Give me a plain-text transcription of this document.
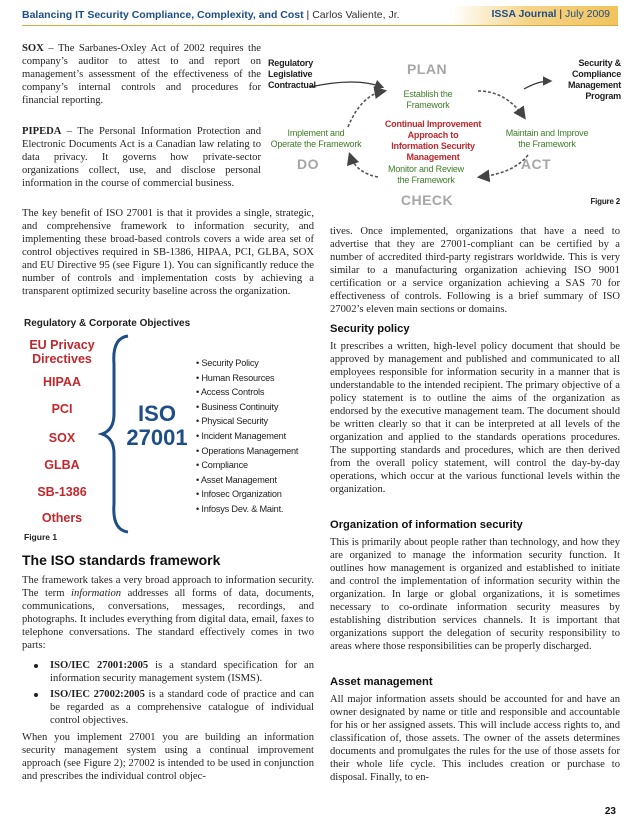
Balancing IT Security Compliance, Complexity, and Cost | Carlos Valiente, Jr.	ISSA Journal | July 2009
SOX – The Sarbanes-Oxley Act of 2002 requires the company’s auditor to attest to and report on management’s assessment of the effectiveness of the company’s internal controls and procedures for financial reporting.
PIPEDA – The Personal Information Protection and Electronic Documents Act is a Canadian law relating to data privacy. It governs how private-sector organizations collect, use, and disclose personal information in the course of commercial business.
The key benefit of ISO 27001 is that it provides a single, strategic, and comprehensive framework to information security, and implementing these broad-based controls covers a wide area set of control objectives required in SB-1386, HIPAA, PCI, GLBA, SOX and EU Directive 95 (see Figure 1). You can significantly reduce the number of controls and implementation costs by achieving a transparent optimized security baseline across the organization.
Regulatory
Legislative
Contractual
Security &
Compliance
Management
Program
PLAN
Establish the
Framework
Implement and
Operate the Framework
Continual Improvement
Approach to
Information Security Management
Maintain and Improve
the Framework
DO	Monitor and Review
the Framework
ACT
CHECK	Figure 2
Regulatory & Corporate Objectives
EU Privacy
Directives
HIPAA
PCI
SOX
GLBA
SB-1386
Others
ISO
27001
• Security Policy
• Human Resources
• Access Controls
• Business Continuity
• Physical Security
• Incident Management
• Operations Management
• Compliance
• Asset Management
• Infosec Organization
• Infosys Dev. & Maint.
Figure 1
The ISO standards framework
The framework takes a very broad approach to information security. The term information addresses all forms of data, documents, communications, conversations, messages, recordings, and photographs. It includes everything from digital data, email, faxes to telephone conversations. The standard effectively comes in two parts:
ISO/IEC 27001:2005 is a standard specification for an information security management system (ISMS).
ISO/IEC 27002:2005 is a standard code of practice and can be regarded as a comprehensive catalogue of individual control objectives.
When you implement 27001 you are building an information security management system using a continual improvement approach (see Figure 2); 27002 is intended to be used in conjunction and prescribes the individual control objec-
tives. Once implemented, organizations that have a need to advertise that they are 27001-compliant can be certified by a number of accredited third-party registrars worldwide. This is very similar to a manufacturing organization achieving ISO 9001 certification or a service organization achieving a SAS 70 for effectiveness of controls. Following is a brief summary of ISO 27002’s eleven main sections or domains.
Security policy
It prescribes a written, high-level policy document that should be approved by management and published and communicated to all employees responsible for information security in a manner that is understandable to the intended recipient. The primary objective of a policy statement is to outline the aims of the organization as endorsed by the executive management team. The document should be written clearly so that it can be interpreted at all levels of the organization and applied to the standards operations procedures. The supporting standards and procedures, which are then derived from the overall policy statement, will control the day-by-day operations, which occur at the various functional levels within the organization.
Organization of information security
This is primarily about people rather than technology, and how they are organized to manage the information security function. It outlines how management is organized and established to initiate and control the implementation of information security within the organization. In large or global organizations, it is sometimes necessary to co-ordinate information security measures by establishing distribution services channels. It is important that organizations support the delegation of security responsibility to areas where those responsibilities can be properly discharged.
Asset management
All major information assets should be accounted for and have an owner designated by name or title and responsible and accountable for his or her assigned assets. This will include access rights to, and classification of, those assets. The owner of the assets determines documents and promulgates the rules for the use of those assets for their whole life cycle. This includes creation or purchase to disposal. Finally, to en-
23
